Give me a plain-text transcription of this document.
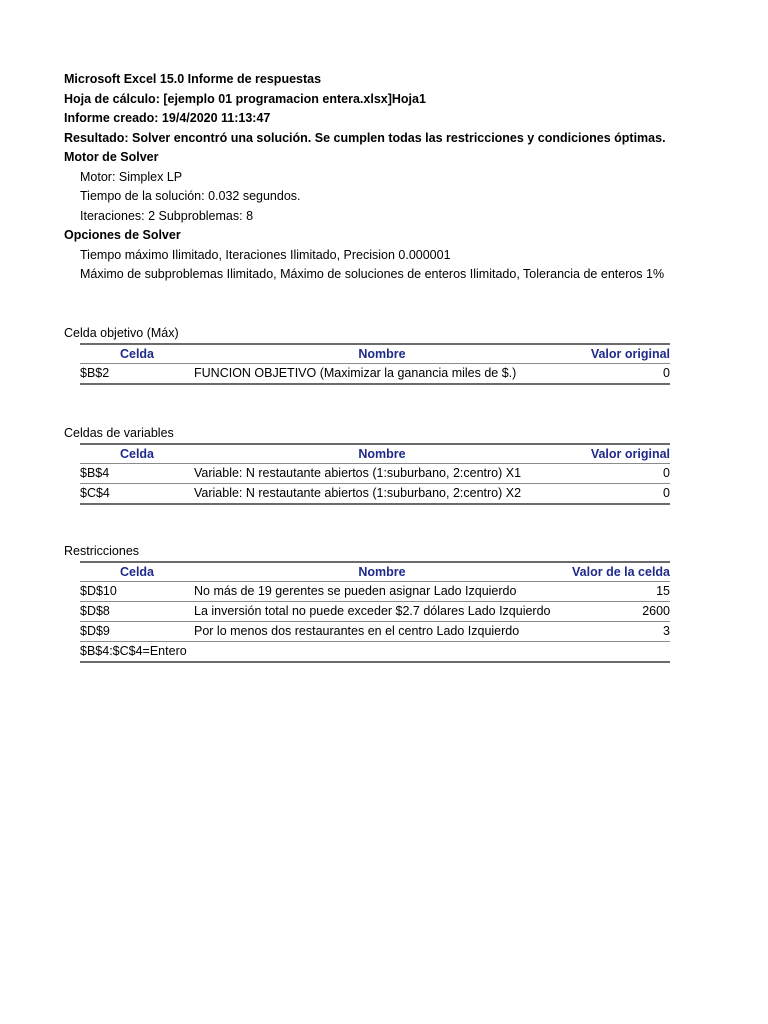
Microsoft Excel 15.0 Informe de respuestas
Hoja de cálculo: [ejemplo 01 programacion entera.xlsx]Hoja1
Informe creado: 19/4/2020 11:13:47
Resultado: Solver encontró una solución. Se cumplen todas las restricciones y condiciones óptimas.
Motor de Solver
Motor: Simplex LP
Tiempo de la solución: 0.032 segundos.
Iteraciones: 2 Subproblemas: 8
Opciones de Solver
Tiempo máximo Ilimitado, Iteraciones Ilimitado, Precision 0.000001
Máximo de subproblemas Ilimitado, Máximo de soluciones de enteros Ilimitado, Tolerancia de enteros 1%
Celda objetivo (Máx)
Celda	Nombre	Valor original
$B$2	FUNCION OBJETIVO (Maximizar la ganancia miles de $.)	0
Celdas de variables
Celda	Nombre	Valor original
$B$4	Variable: N restautante abiertos (1:suburbano, 2:centro) X1	0
$C$4	Variable: N restautante abiertos (1:suburbano, 2:centro) X2	0
Restricciones
Celda	Nombre	Valor de la celda
$D$10	No más de 19 gerentes se pueden asignar Lado Izquierdo	15
$D$8	La inversión total no puede exceder $2.7 dólares Lado Izquierdo	2600
$D$9	Por lo menos dos restaurantes en el centro Lado Izquierdo	3
$B$4:$C$4=Entero		
